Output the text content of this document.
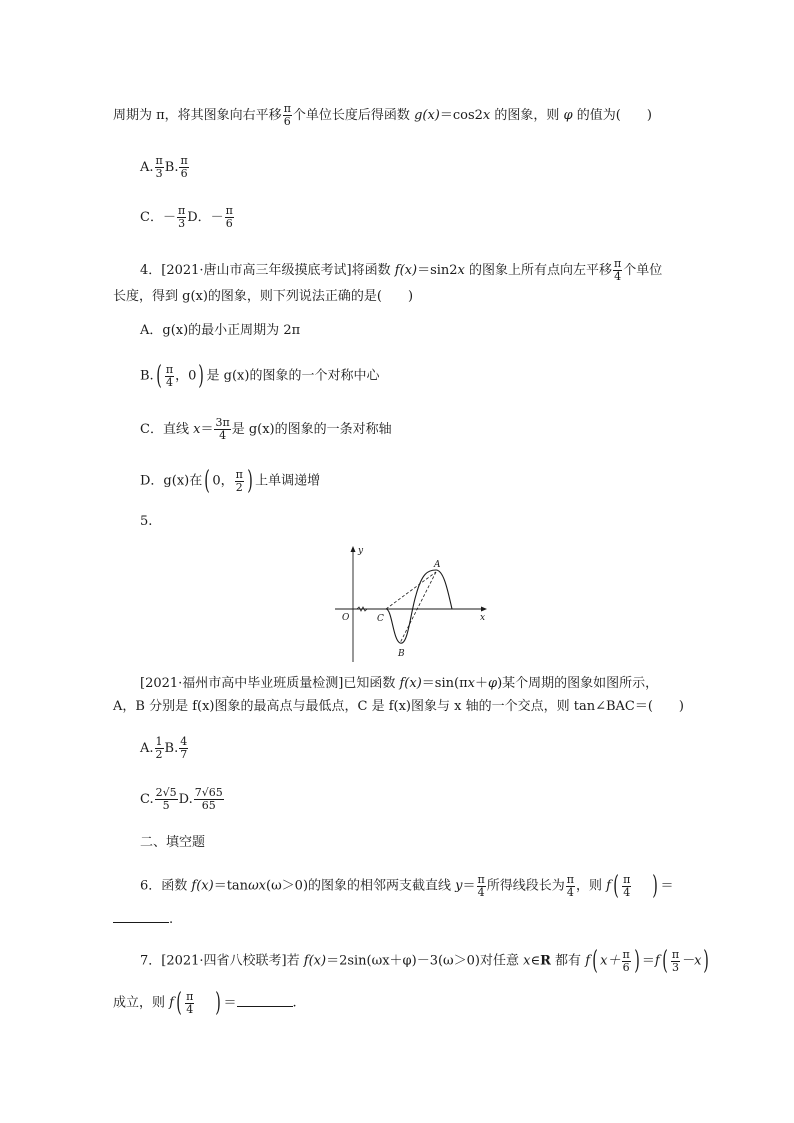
周期为 π，将其图象向右平移 $\frac{\pi}{6}$ 个单位长度后得函数 g(x)＝cos2x 的图象，则 φ 的值为(　　)
A. $\frac{\pi}{3} B$. $\frac{\pi}{6}$
C．－ $\frac{\pi}{3}$ D．－ $\frac{\pi}{6}$
4．[2021·唐山市高三年级摸底考试]将函数 f(x)＝sin2x 的图象上所有点向左平移 $\frac{\pi}{4}$ 个单位
长度，得到 g(x)的图象，则下列说法正确的是(　　)
A．g(x)的最小正周期为 2π
$B.( \frac{\pi}{4}$ ，0) 是 g(x)的图象的一个对称中心
C．直线 $x= \frac{3\pi}{4}$ 是 g(x)的图象的一条对称轴
D．g(x)在( 0， $\frac{\pi}{2}$ ) 上单调递增
5.
y
x
O	C
A
B
[2021·福州市高中毕业班质量检测]已知函数 f(x)＝sin(πx＋φ)某个周期的图象如图所示，
A，B 分别是 f(x)图象的最高点与最低点，C 是 f(x)图象与 x 轴的一个交点，则 tan∠BAC＝(　　)
A. $\frac{1}{2} B$. $\frac{4}{7}$
C. $\frac{2√5}{5} D$. $\frac{7√65}{65}$
二、填空题
6．函数 f(x)＝tanωx(ω＞0)的图象的相邻两支截直线 $y= \frac{\pi}{4}$ 所得线段长为 $\frac{\pi}{4}$ ，则 $f( \frac{\pi}{4}$ ) ＝
.
7．[2021·四省八校联考]若 f(x)＝2sin(ωx＋φ)－3(ω＞0)对任意 x∈R 都有 f( $x+ \frac{\pi}{6}$ ) $=f( \frac{\pi}{3} -x)$
成立，则 $f( \frac{\pi}{4}$ ) ＝	.
